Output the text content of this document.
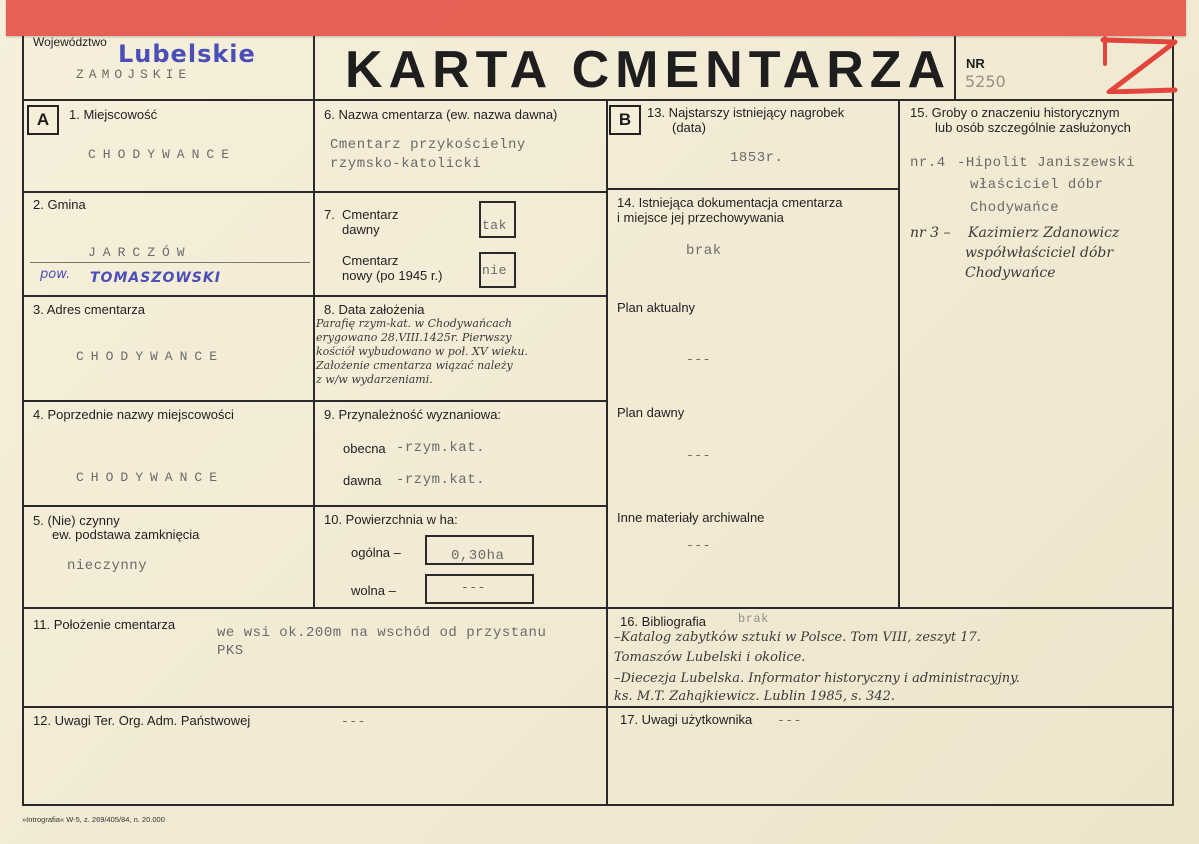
Województwo Lubelskie
ZAMOJSKIE	KARTA CMENTARZA NR
5250
A	B
1. Miejscowość
CHODYWANCE
2. Gmina
JARCZÓW
pow. TOMASZOWSKI
3. Adres cmentarza
CHODYWANCE
4. Poprzednie nazwy miejscowości
CHODYWANCE
5. (Nie) czynny
ew. podstawa zamknięcia
nieczynny
6. Nazwa cmentarza (ew. nazwa dawna)
Cmentarz przykościelny
rzymsko-katolicki
7. Cmentarz
dawny	tak
Cmentarz
nowy (po 1945 r.)	nie
8. Data założenia
Parafię rzym-kat. w Chodywańcach
erygowano 28.VIII.1425r. Pierwszy
kościół wybudowano w poł. XV wieku.
Założenie cmentarza wiązać należy
z w/w wydarzeniami.
9. Przynależność wyznaniowa:
obecna -rzym.kat.
dawna -rzym.kat.
10. Powierzchnia w ha:
ogólna –	0,30ha
wolna –	---
11. Położenie cmentarza
we wsi ok.200m na wschód od przystanu
PKS
12. Uwagi Ter. Org. Adm. Państwowej	---
13. Najstarszy istniejący nagrobek
(data)
1853r.
14. Istniejąca dokumentacja cmentarza
i miejsce jej przechowywania
brak
Plan aktualny
---
Plan dawny
---
Inne materiały archiwalne
---
15. Groby o znaczeniu historycznym
lub osób szczególnie zasłużonych
nr.4 -Hipolit Janiszewski
właściciel dóbr
Chodywańce
nr 3 – Kazimierz Zdanowicz
współwłaściciel dóbr
Chodywańce
16. Bibliografia	brak
–Katalog zabytków sztuki w Polsce. Tom VIII, zeszyt 17.
Tomaszów Lubelski i okolice.
–Diecezja Lubelska. Informator historyczny i administracyjny.
ks. M.T. Zahajkiewicz. Lublin 1985, s. 342.
17. Uwagi użytkownika ---
»Intrografia« W-5, z. 269/405/84, n. 20.000
